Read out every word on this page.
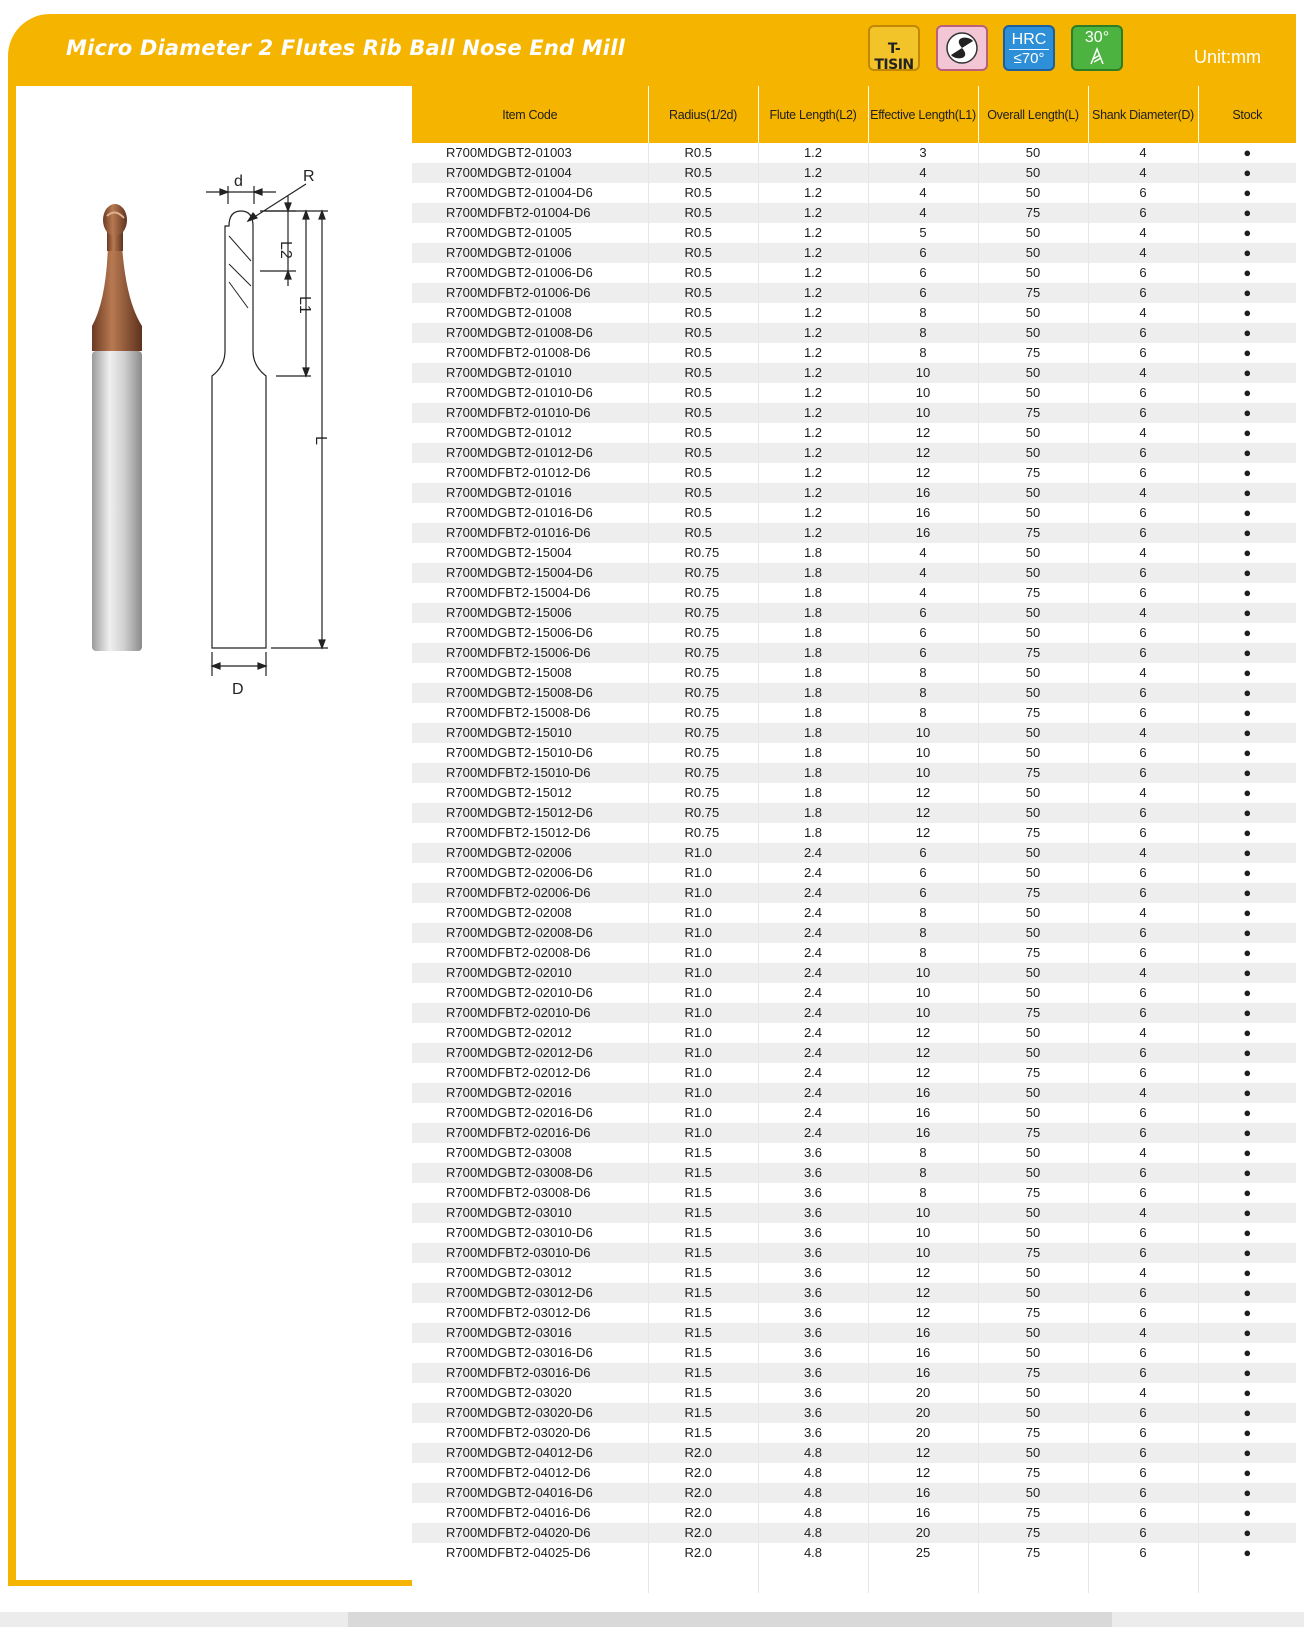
Micro Diameter 2 Flutes Rib Ball Nose End Mill	T-TISIN
HRC
≤70°
30°
Unit:mm
d	R
L2
L1
L
D
Item Code	Radius(1/2d)	Flute Length(L2)	Effective Length(L1)	Overall Length(L)	Shank Diameter(D)	Stock
R700MDGBT2-01003	R0.5	1.2	3	50	4	●
R700MDGBT2-01004	R0.5	1.2	4	50	4	●
R700MDGBT2-01004-D6	R0.5	1.2	4	50	6	●
R700MDFBT2-01004-D6	R0.5	1.2	4	75	6	●
R700MDGBT2-01005	R0.5	1.2	5	50	4	●
R700MDGBT2-01006	R0.5	1.2	6	50	4	●
R700MDGBT2-01006-D6	R0.5	1.2	6	50	6	●
R700MDFBT2-01006-D6	R0.5	1.2	6	75	6	●
R700MDGBT2-01008	R0.5	1.2	8	50	4	●
R700MDGBT2-01008-D6	R0.5	1.2	8	50	6	●
R700MDFBT2-01008-D6	R0.5	1.2	8	75	6	●
R700MDGBT2-01010	R0.5	1.2	10	50	4	●
R700MDGBT2-01010-D6	R0.5	1.2	10	50	6	●
R700MDFBT2-01010-D6	R0.5	1.2	10	75	6	●
R700MDGBT2-01012	R0.5	1.2	12	50	4	●
R700MDGBT2-01012-D6	R0.5	1.2	12	50	6	●
R700MDFBT2-01012-D6	R0.5	1.2	12	75	6	●
R700MDGBT2-01016	R0.5	1.2	16	50	4	●
R700MDGBT2-01016-D6	R0.5	1.2	16	50	6	●
R700MDFBT2-01016-D6	R0.5	1.2	16	75	6	●
R700MDGBT2-15004	R0.75	1.8	4	50	4	●
R700MDGBT2-15004-D6	R0.75	1.8	4	50	6	●
R700MDFBT2-15004-D6	R0.75	1.8	4	75	6	●
R700MDGBT2-15006	R0.75	1.8	6	50	4	●
R700MDGBT2-15006-D6	R0.75	1.8	6	50	6	●
R700MDFBT2-15006-D6	R0.75	1.8	6	75	6	●
R700MDGBT2-15008	R0.75	1.8	8	50	4	●
R700MDGBT2-15008-D6	R0.75	1.8	8	50	6	●
R700MDFBT2-15008-D6	R0.75	1.8	8	75	6	●
R700MDGBT2-15010	R0.75	1.8	10	50	4	●
R700MDGBT2-15010-D6	R0.75	1.8	10	50	6	●
R700MDFBT2-15010-D6	R0.75	1.8	10	75	6	●
R700MDGBT2-15012	R0.75	1.8	12	50	4	●
R700MDGBT2-15012-D6	R0.75	1.8	12	50	6	●
R700MDFBT2-15012-D6	R0.75	1.8	12	75	6	●
R700MDGBT2-02006	R1.0	2.4	6	50	4	●
R700MDGBT2-02006-D6	R1.0	2.4	6	50	6	●
R700MDFBT2-02006-D6	R1.0	2.4	6	75	6	●
R700MDGBT2-02008	R1.0	2.4	8	50	4	●
R700MDGBT2-02008-D6	R1.0	2.4	8	50	6	●
R700MDFBT2-02008-D6	R1.0	2.4	8	75	6	●
R700MDGBT2-02010	R1.0	2.4	10	50	4	●
R700MDGBT2-02010-D6	R1.0	2.4	10	50	6	●
R700MDFBT2-02010-D6	R1.0	2.4	10	75	6	●
R700MDGBT2-02012	R1.0	2.4	12	50	4	●
R700MDGBT2-02012-D6	R1.0	2.4	12	50	6	●
R700MDFBT2-02012-D6	R1.0	2.4	12	75	6	●
R700MDGBT2-02016	R1.0	2.4	16	50	4	●
R700MDGBT2-02016-D6	R1.0	2.4	16	50	6	●
R700MDFBT2-02016-D6	R1.0	2.4	16	75	6	●
R700MDGBT2-03008	R1.5	3.6	8	50	4	●
R700MDGBT2-03008-D6	R1.5	3.6	8	50	6	●
R700MDFBT2-03008-D6	R1.5	3.6	8	75	6	●
R700MDGBT2-03010	R1.5	3.6	10	50	4	●
R700MDGBT2-03010-D6	R1.5	3.6	10	50	6	●
R700MDFBT2-03010-D6	R1.5	3.6	10	75	6	●
R700MDGBT2-03012	R1.5	3.6	12	50	4	●
R700MDGBT2-03012-D6	R1.5	3.6	12	50	6	●
R700MDFBT2-03012-D6	R1.5	3.6	12	75	6	●
R700MDGBT2-03016	R1.5	3.6	16	50	4	●
R700MDGBT2-03016-D6	R1.5	3.6	16	50	6	●
R700MDFBT2-03016-D6	R1.5	3.6	16	75	6	●
R700MDGBT2-03020	R1.5	3.6	20	50	4	●
R700MDGBT2-03020-D6	R1.5	3.6	20	50	6	●
R700MDFBT2-03020-D6	R1.5	3.6	20	75	6	●
R700MDGBT2-04012-D6	R2.0	4.8	12	50	6	●
R700MDFBT2-04012-D6	R2.0	4.8	12	75	6	●
R700MDGBT2-04016-D6	R2.0	4.8	16	50	6	●
R700MDFBT2-04016-D6	R2.0	4.8	16	75	6	●
R700MDFBT2-04020-D6	R2.0	4.8	20	75	6	●
R700MDFBT2-04025-D6	R2.0	4.8	25	75	6	●
